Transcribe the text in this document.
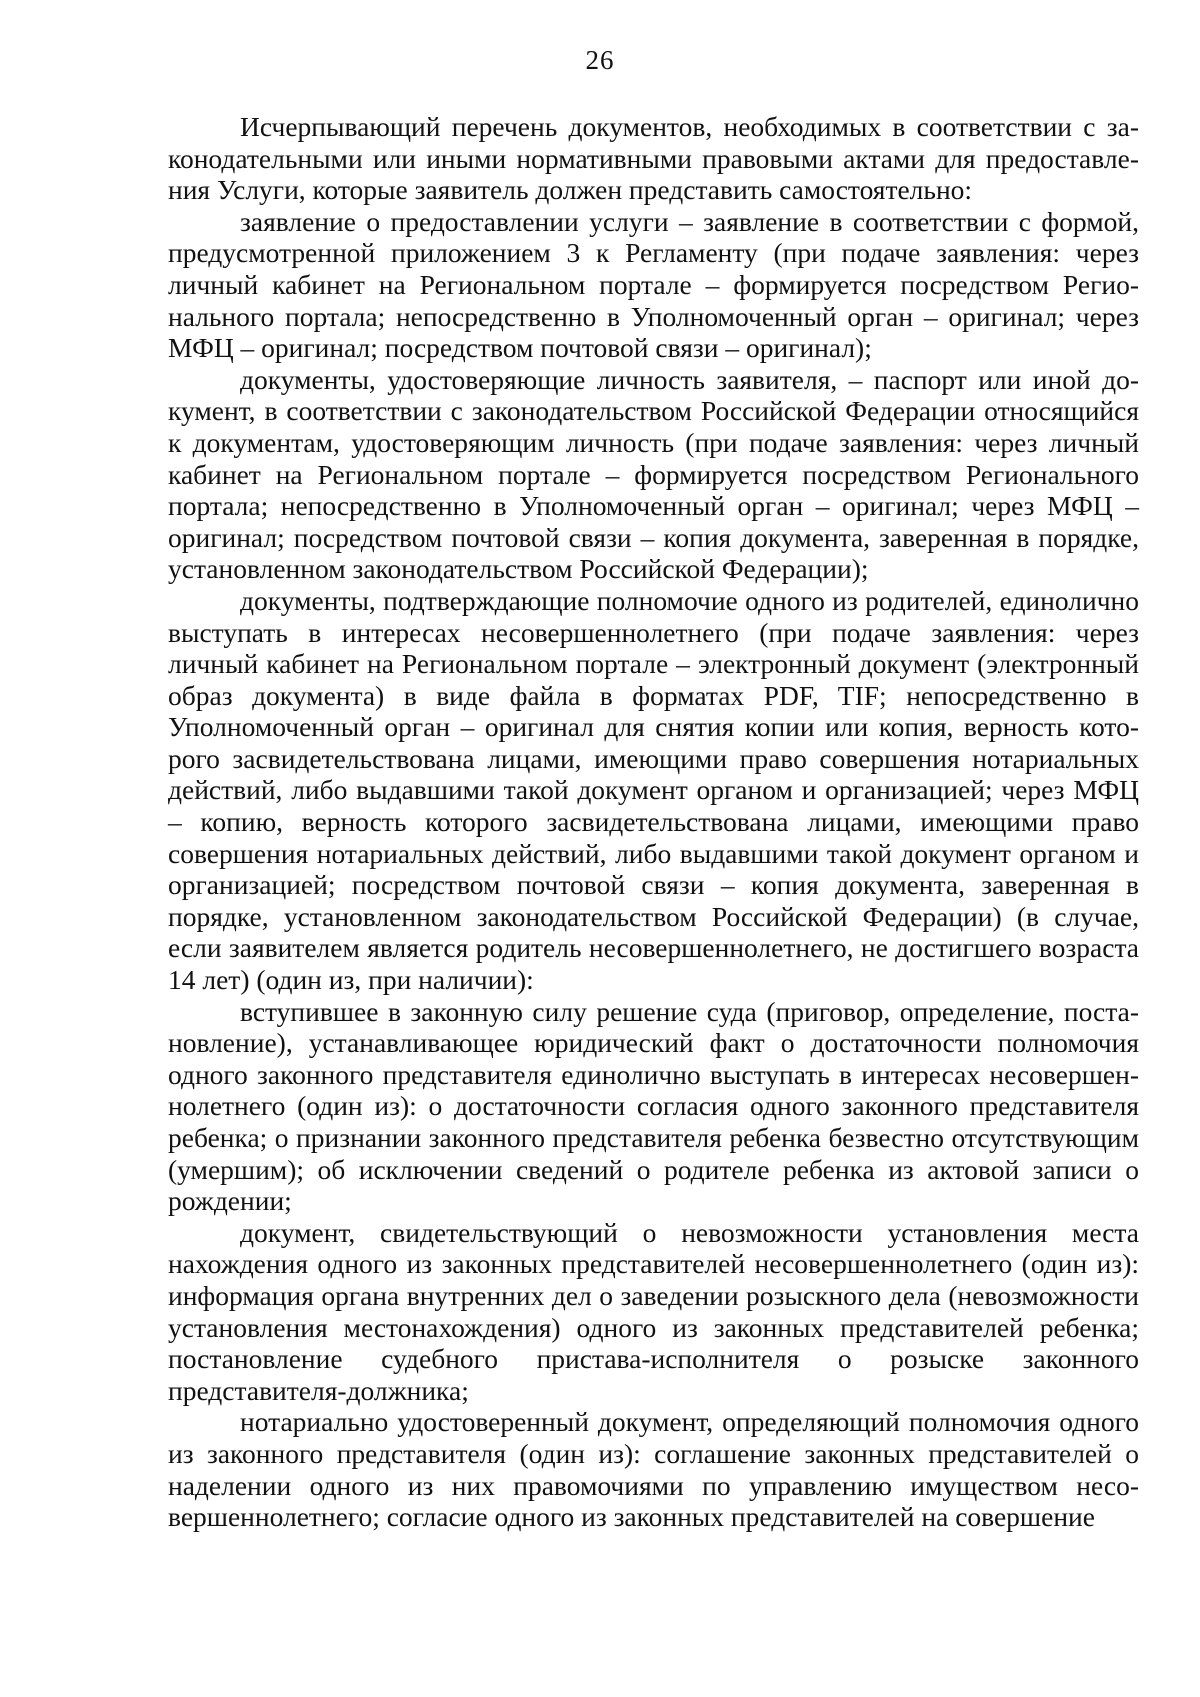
26

Исчерпывающий перечень документов, необходимых в соответствии с законодательными или иными нормативными правовыми актами для предоставления Услуги, которые заявитель должен представить самостоятельно:

заявление о предоставлении услуги – заявление в соответствии с формой, предусмотренной приложением 3 к Регламенту (при подаче заявления: через личный кабинет на Региональном портале – формируется посредством Регионального портала; непосредственно в Уполномоченный орган – оригинал; через МФЦ – оригинал; посредством почтовой связи – оригинал);

документы, удостоверяющие личность заявителя, – паспорт или иной документ, в соответствии с законодательством Российской Федерации относящийся к документам, удостоверяющим личность (при подаче заявления: через личный кабинет на Региональном портале – формируется посредством Регионального портала; непосредственно в Уполномоченный орган – оригинал; через МФЦ – оригинал; посредством почтовой связи – копия документа, заверенная в порядке, установленном законодательством Российской Федерации);

документы, подтверждающие полномочие одного из родителей, единолично выступать в интересах несовершеннолетнего (при подаче заявления: через личный кабинет на Региональном портале – электронный документ (электронный образ документа) в виде файла в форматах PDF, TIF; непосредственно в Уполномоченный орган – оригинал для снятия копии или копия, верность которого засвидетельствована лицами, имеющими право совершения нотариальных действий, либо выдавшими такой документ органом и организацией; через МФЦ – копию, верность которого засвидетельствована лицами, имеющими право совершения нотариальных действий, либо выдавшими такой документ органом и организацией; посредством почтовой связи – копия документа, заверенная в порядке, установленном законодательством Российской Федерации) (в случае, если заявителем является родитель несовершеннолетнего, не достигшего возраста 14 лет) (один из, при наличии):

вступившее в законную силу решение суда (приговор, определение, постановление), устанавливающее юридический факт о достаточности полномочия одного законного представителя единолично выступать в интересах несовершеннолетнего (один из): о достаточности согласия одного законного представителя ребенка; о признании законного представителя ребенка безвестно отсутствующим (умершим); об исключении сведений о родителе ребенка из актовой записи о рождении;

документ, свидетельствующий о невозможности установления места нахождения одного из законных представителей несовершеннолетнего (один из): информация органа внутренних дел о заведении розыскного дела (невозможности установления местонахождения) одного из законных представителей ребенка; постановление судебного пристава-исполнителя о розыске законного представителя-должника;

нотариально удостоверенный документ, определяющий полномочия одного из законного представителя (один из): соглашение законных представителей о наделении одного из них правомочиями по управлению имуществом несовершеннолетнего; согласие одного из законных представителей на совершение
